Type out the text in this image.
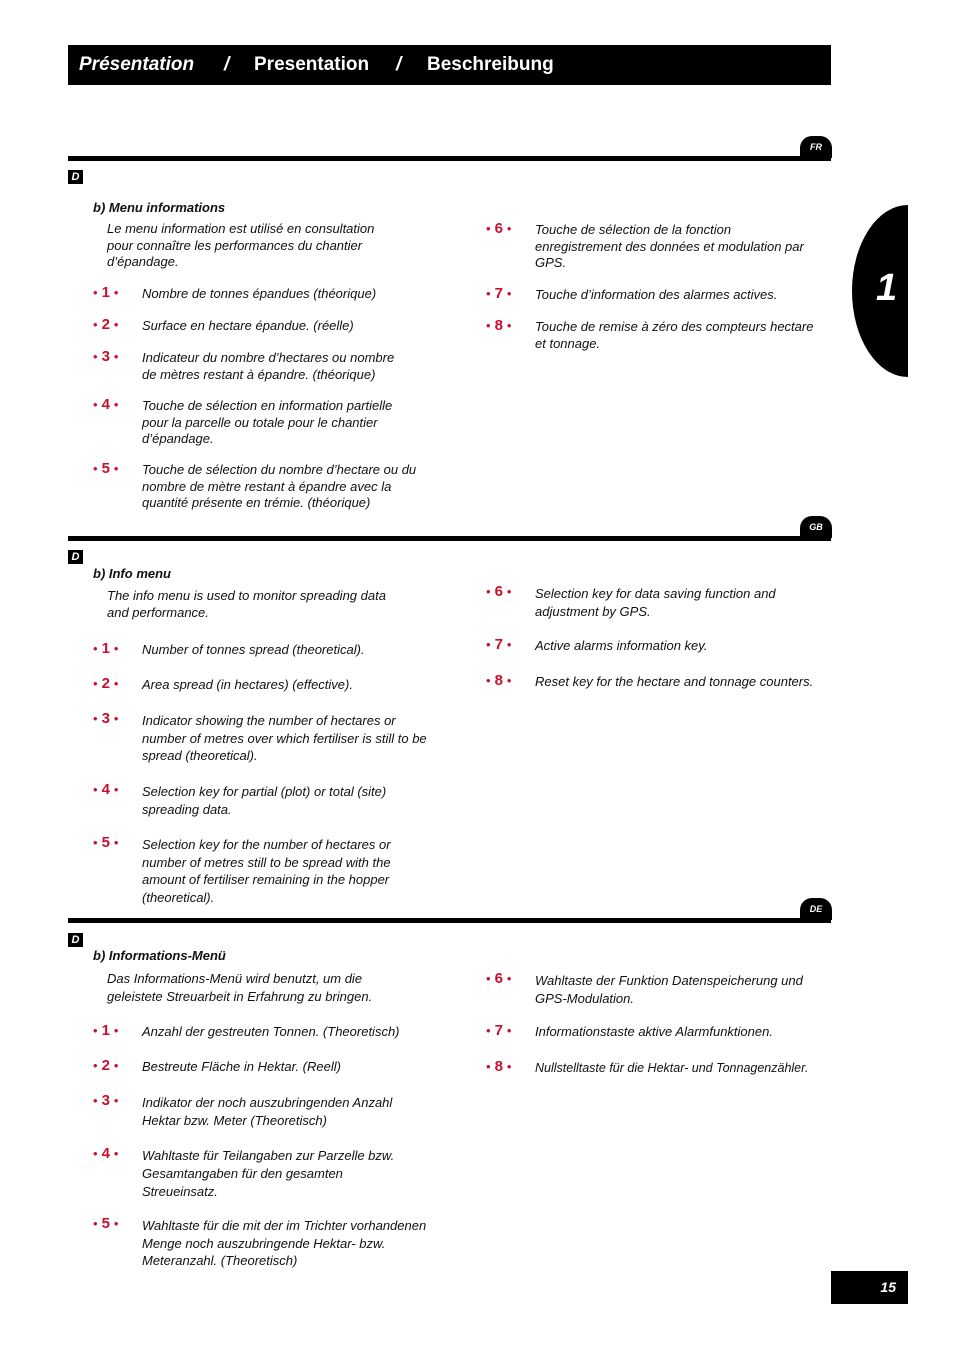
Présentation / Presentation / Beschreibung
1
FR
D
b) Menu informations
Le menu information est utilisé en consultation pour connaître les performances du chantier d’épandage.
• 1 •	Nombre de tonnes épandues (théorique)
• 2 •	Surface en hectare épandue. (réelle)
• 3 •	Indicateur du nombre d’hectares ou nombre de mètres restant à épandre. (théorique)
• 4 •	Touche de sélection en information partielle pour la parcelle ou totale pour le chantier d’épandage.
• 5 •	Touche de sélection du nombre d’hectare ou du nombre de mètre restant à épandre avec la quantité présente en trémie. (théorique)
• 6 •	Touche de sélection de la fonction enregistrement des données et modulation par GPS.
• 7 •	Touche d’information des alarmes actives.
• 8 •	Touche de remise à zéro des compteurs hectare et tonnage.
GB
D
b) Info menu
The info menu is used to monitor spreading data and performance.
• 1 •	Number of tonnes spread (theoretical).
• 2 •	Area spread (in hectares) (effective).
• 3 •	Indicator showing the number of hectares or number of metres over which fertiliser is still to be spread (theoretical).
• 4 •	Selection key for partial (plot) or total (site) spreading data.
• 5 •	Selection key for the number of hectares or number of metres still to be spread with the amount of fertiliser remaining in the hopper (theoretical).
• 6 •	Selection key for data saving function and adjustment by GPS.
• 7 •	Active alarms information key.
• 8 •	Reset key for the hectare and tonnage counters.
DE
D
b) Informations-Menü
Das Informations-Menü wird benutzt, um die geleistete Streuarbeit in Erfahrung zu bringen.
• 1 •	Anzahl der gestreuten Tonnen. (Theoretisch)
• 2 •	Bestreute Fläche in Hektar. (Reell)
• 3 •	Indikator der noch auszubringenden Anzahl Hektar bzw. Meter (Theoretisch)
• 4 •	Wahltaste für Teilangaben zur Parzelle bzw. Gesamtangaben für den gesamten Streueinsatz.
• 5 •	Wahltaste für die mit der im Trichter vorhandenen Menge noch auszubringende Hektar- bzw. Meteranzahl. (Theoretisch)
• 6 •	Wahltaste der Funktion Datenspeicherung und GPS-Modulation.
• 7 •	Informationstaste aktive Alarmfunktionen.
• 8 •	Nullstelltaste für die Hektar- und Tonnagenzähler.
15
